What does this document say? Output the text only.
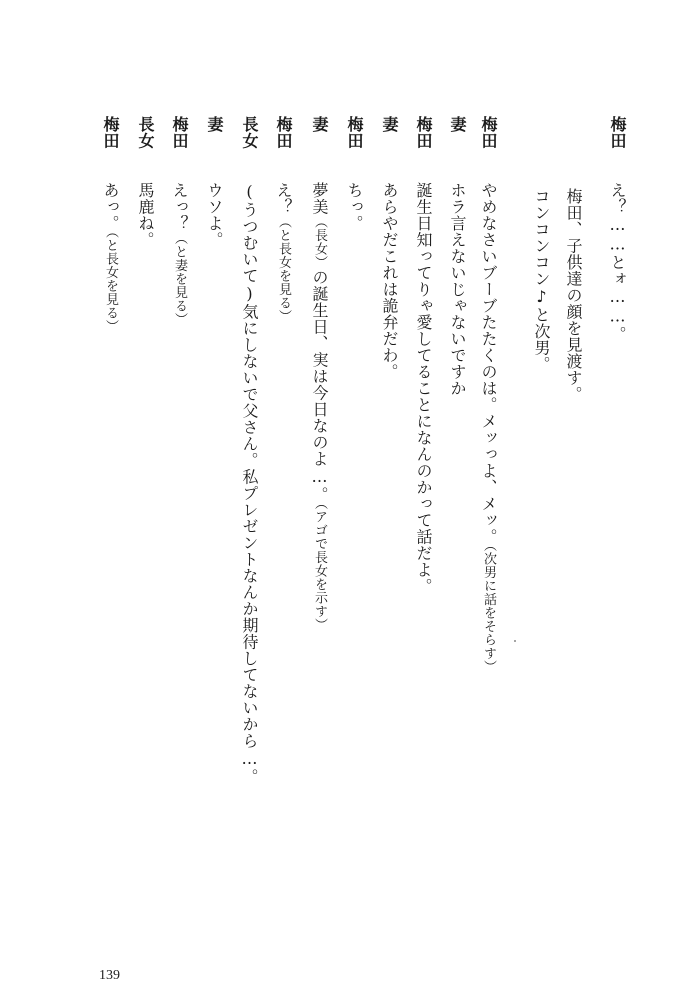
梅田え？……とォ……。
梅田、子供達の顔を見渡す。
コンコンコン♪と次男。
梅田やめなさいブーブたたくのは。メッっよ、メッ。（次男に話をそらす）
妻ホラ言えないじゃないですか
梅田誕生日知ってりゃ愛してることになんのかって話だよ。
妻あらやだこれは詭弁だわ。
梅田ちっ。
妻夢美（長女）の誕生日、実は今日なのよ…。（アゴで長女を示す）
梅田え？（と長女を見る）
長女(うつむいて)気にしないで父さん。私プレゼントなんか期待してないから…。
妻ウソよ。
梅田えっ？（と妻を見る）
長女馬鹿ね。
梅田あっ。（と長女を見る）
139
